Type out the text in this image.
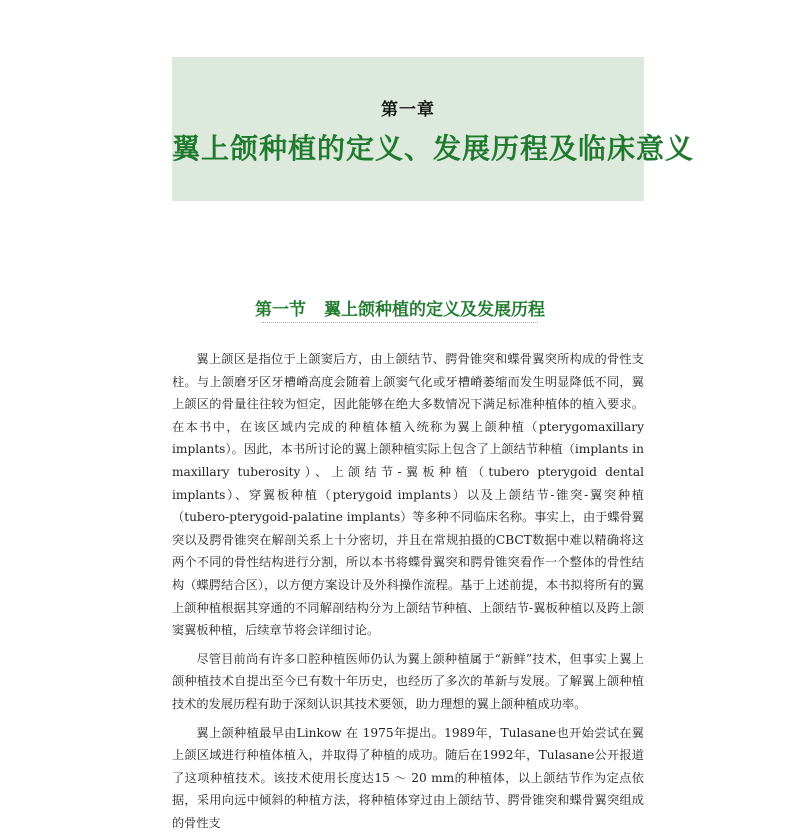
第一章
翼上颌种植的定义、发展历程及临床意义
第一节 翼上颌种植的定义及发展历程

翼上颌区是指位于上颌窦后方，由上颌结节、腭骨锥突和蝶骨翼突所构成的骨性支柱。与上颌磨牙区牙槽嵴高度会随着上颌窦气化或牙槽嵴萎缩而发生明显降低不同，翼上颌区的骨量往往较为恒定，因此能够在绝大多数情况下满足标准种植体的植入要求。在本书中，在该区域内完成的种植体植入统称为翼上颌种植（pterygomaxillary implants）。因此，本书所讨论的翼上颌种植实际上包含了上颌结节种植（implants in maxillary tuberosity）、上颌结节-翼板种植（tubero pterygoid dental implants）、穿翼板种植（pterygoid implants）以及上颌结节-锥突-翼突种植（tubero-pterygoid-palatine implants）等多种不同临床名称。事实上，由于蝶骨翼突以及腭骨锥突在解剖关系上十分密切，并且在常规拍摄的CBCT数据中难以精确将这两个不同的骨性结构进行分割，所以本书将蝶骨翼突和腭骨锥突看作一个整体的骨性结构（蝶腭结合区），以方便方案设计及外科操作流程。基于上述前提，本书拟将所有的翼上颌种植根据其穿通的不同解剖结构分为上颌结节种植、上颌结节-翼板种植以及跨上颌窦翼板种植，后续章节将会详细讨论。

尽管目前尚有许多口腔种植医师仍认为翼上颌种植属于“新鲜”技术，但事实上翼上颌种植技术自提出至今已有数十年历史，也经历了多次的革新与发展。了解翼上颌种植技术的发展历程有助于深刻认识其技术要领，助力理想的翼上颌种植成功率。

翼上颌种植最早由Linkow 在 1975年提出。1989年，Tulasane也开始尝试在翼上颌区域进行种植体植入，并取得了种植的成功。随后在1992年，Tulasane公开报道了这项种植技术。该技术使用长度达15 ～ 20 mm的种植体，以上颌结节作为定点依据，采用向远中倾斜的种植方法，将种植体穿过由上颌结节、腭骨锥突和蝶骨翼突组成的骨性支
